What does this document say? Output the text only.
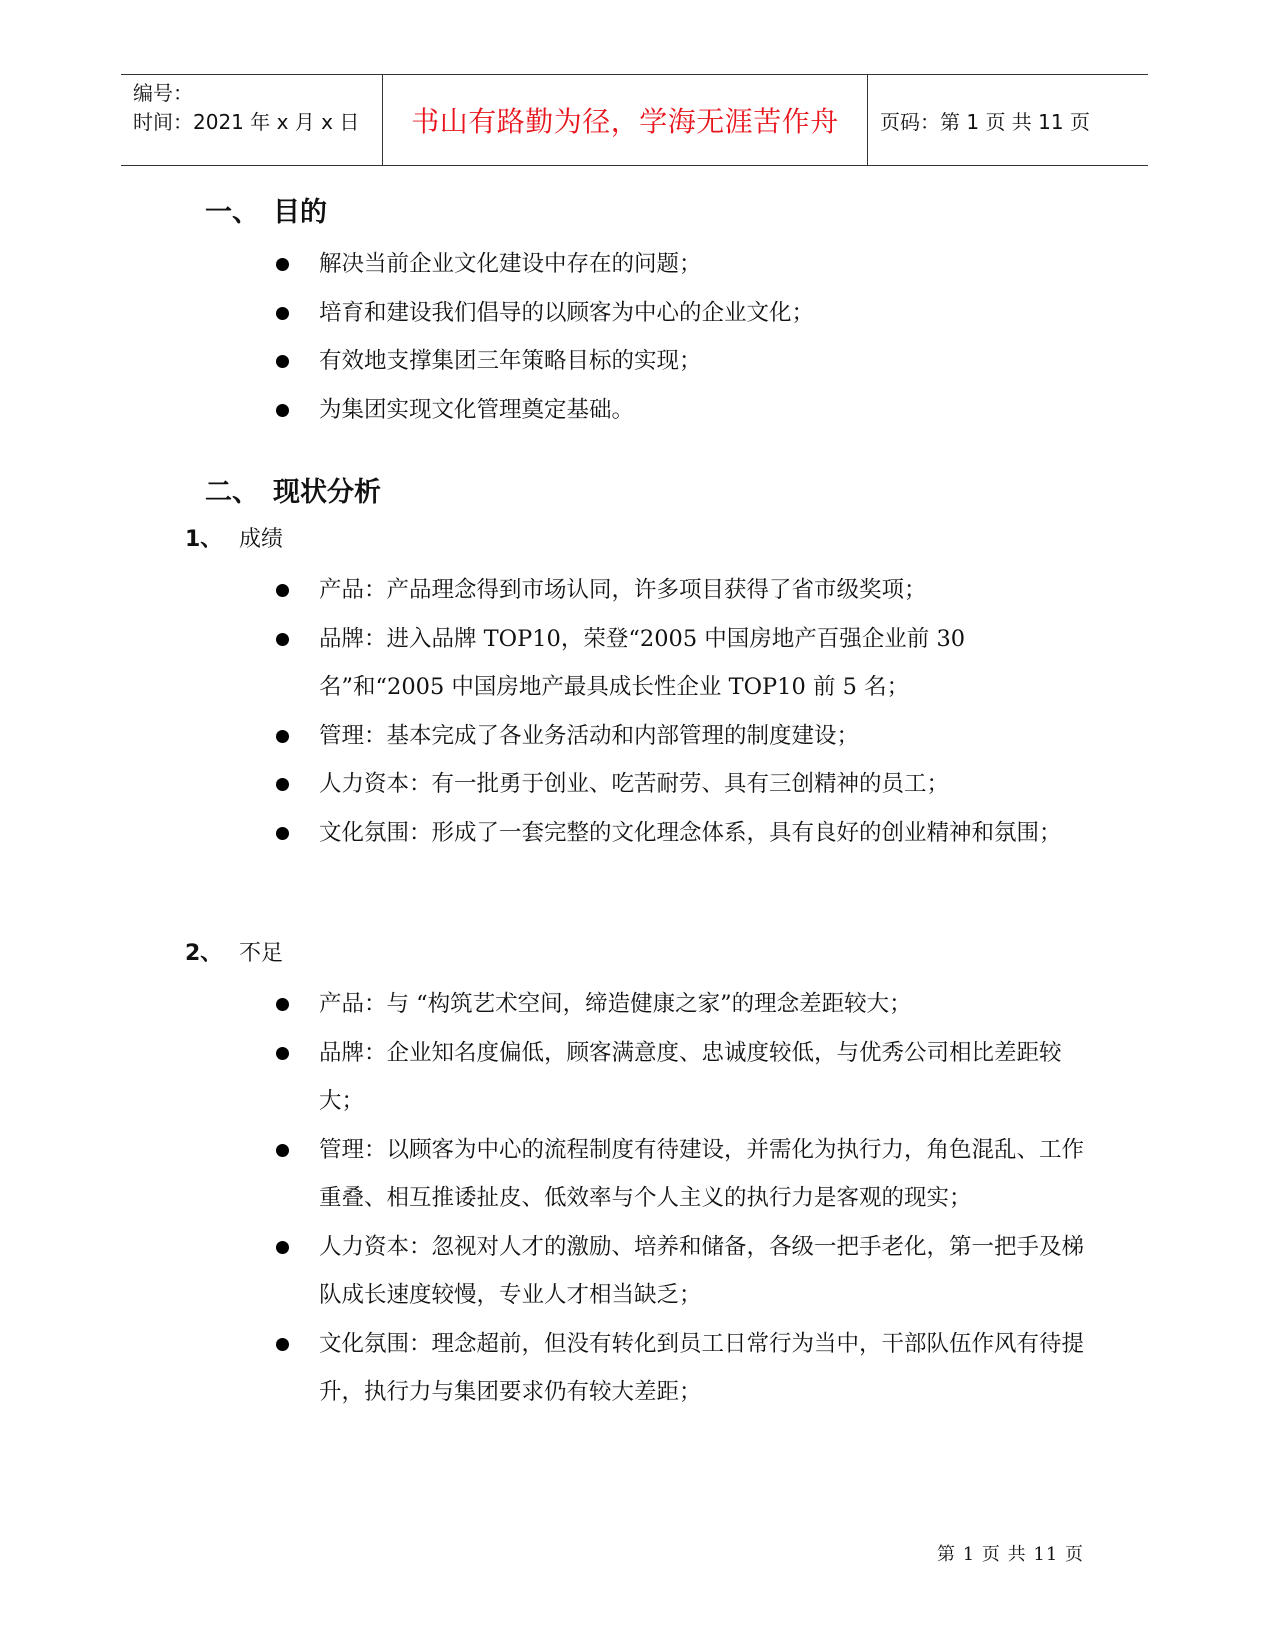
编号：
时间：2021 年 x 月 x 日	书山有路勤为径，学海无涯苦作舟 页码：第 1 页 共 11 页
一、 目的
解决当前企业文化建设中存在的问题；
培育和建设我们倡导的以顾客为中心的企业文化；
有效地支撑集团三年策略目标的实现；
为集团实现文化管理奠定基础。
二、 现状分析
1、 成绩
产品：产品理念得到市场认同，许多项目获得了省市级奖项；
品牌：进入品牌 TOP10，荣登“2005 中国房地产百强企业前 30 名”和“2005 中国房地产最具成长性企业 TOP10 前 5 名；
管理：基本完成了各业务活动和内部管理的制度建设；
人力资本：有一批勇于创业、吃苦耐劳、具有三创精神的员工；
文化氛围：形成了一套完整的文化理念体系，具有良好的创业精神和氛围；
2、 不足
产品：与 “构筑艺术空间，缔造健康之家”的理念差距较大；
品牌：企业知名度偏低，顾客满意度、忠诚度较低，与优秀公司相比差距较大；
管理：以顾客为中心的流程制度有待建设，并需化为执行力，角色混乱、工作重叠、相互推诿扯皮、低效率与个人主义的执行力是客观的现实；
人力资本：忽视对人才的激励、培养和储备，各级一把手老化，第一把手及梯队成长速度较慢，专业人才相当缺乏；
文化氛围：理念超前，但没有转化到员工日常行为当中，干部队伍作风有待提升，执行力与集团要求仍有较大差距；
第 1 页 共 11 页
